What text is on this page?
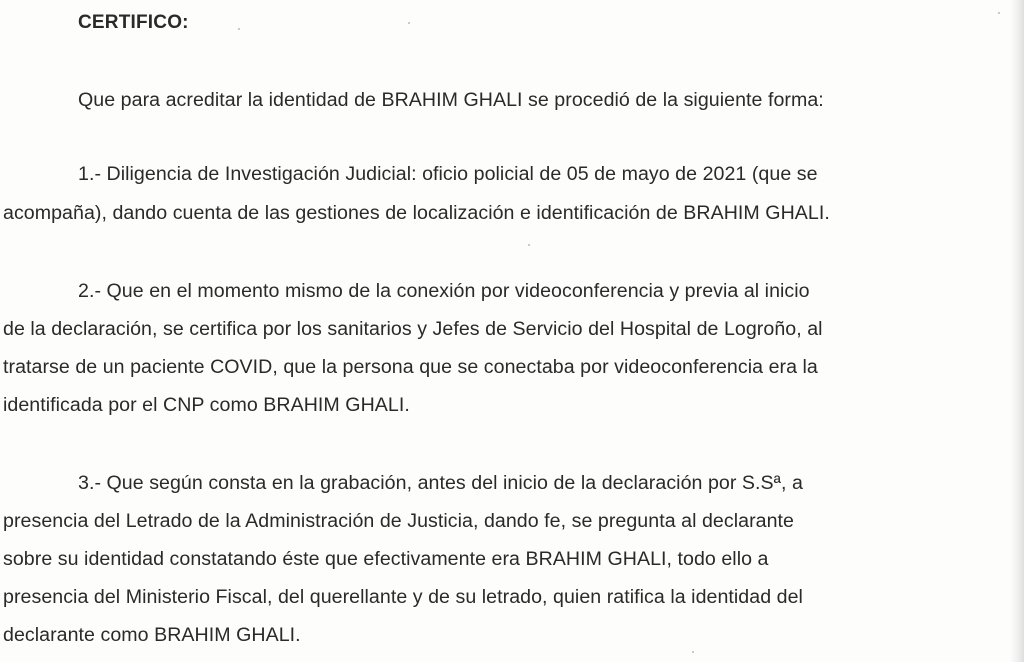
CERTIFICO:
Que para acreditar la identidad de BRAHIM GHALI se procedió de la siguiente forma:
1.- Diligencia de Investigación Judicial: oficio policial de 05 de mayo de 2021 (que se
acompaña), dando cuenta de las gestiones de localización e identificación de BRAHIM GHALI.
2.- Que en el momento mismo de la conexión por videoconferencia y previa al inicio
de la declaración, se certifica por los sanitarios y Jefes de Servicio del Hospital de Logroño, al
tratarse de un paciente COVID, que la persona que se conectaba por videoconferencia era la
identificada por el CNP como BRAHIM GHALI.
3.- Que según consta en la grabación, antes del inicio de la declaración por S.Sª, a
presencia del Letrado de la Administración de Justicia, dando fe, se pregunta al declarante
sobre su identidad constatando éste que efectivamente era BRAHIM GHALI, todo ello a
presencia del Ministerio Fiscal, del querellante y de su letrado, quien ratifica la identidad del
declarante como BRAHIM GHALI.
